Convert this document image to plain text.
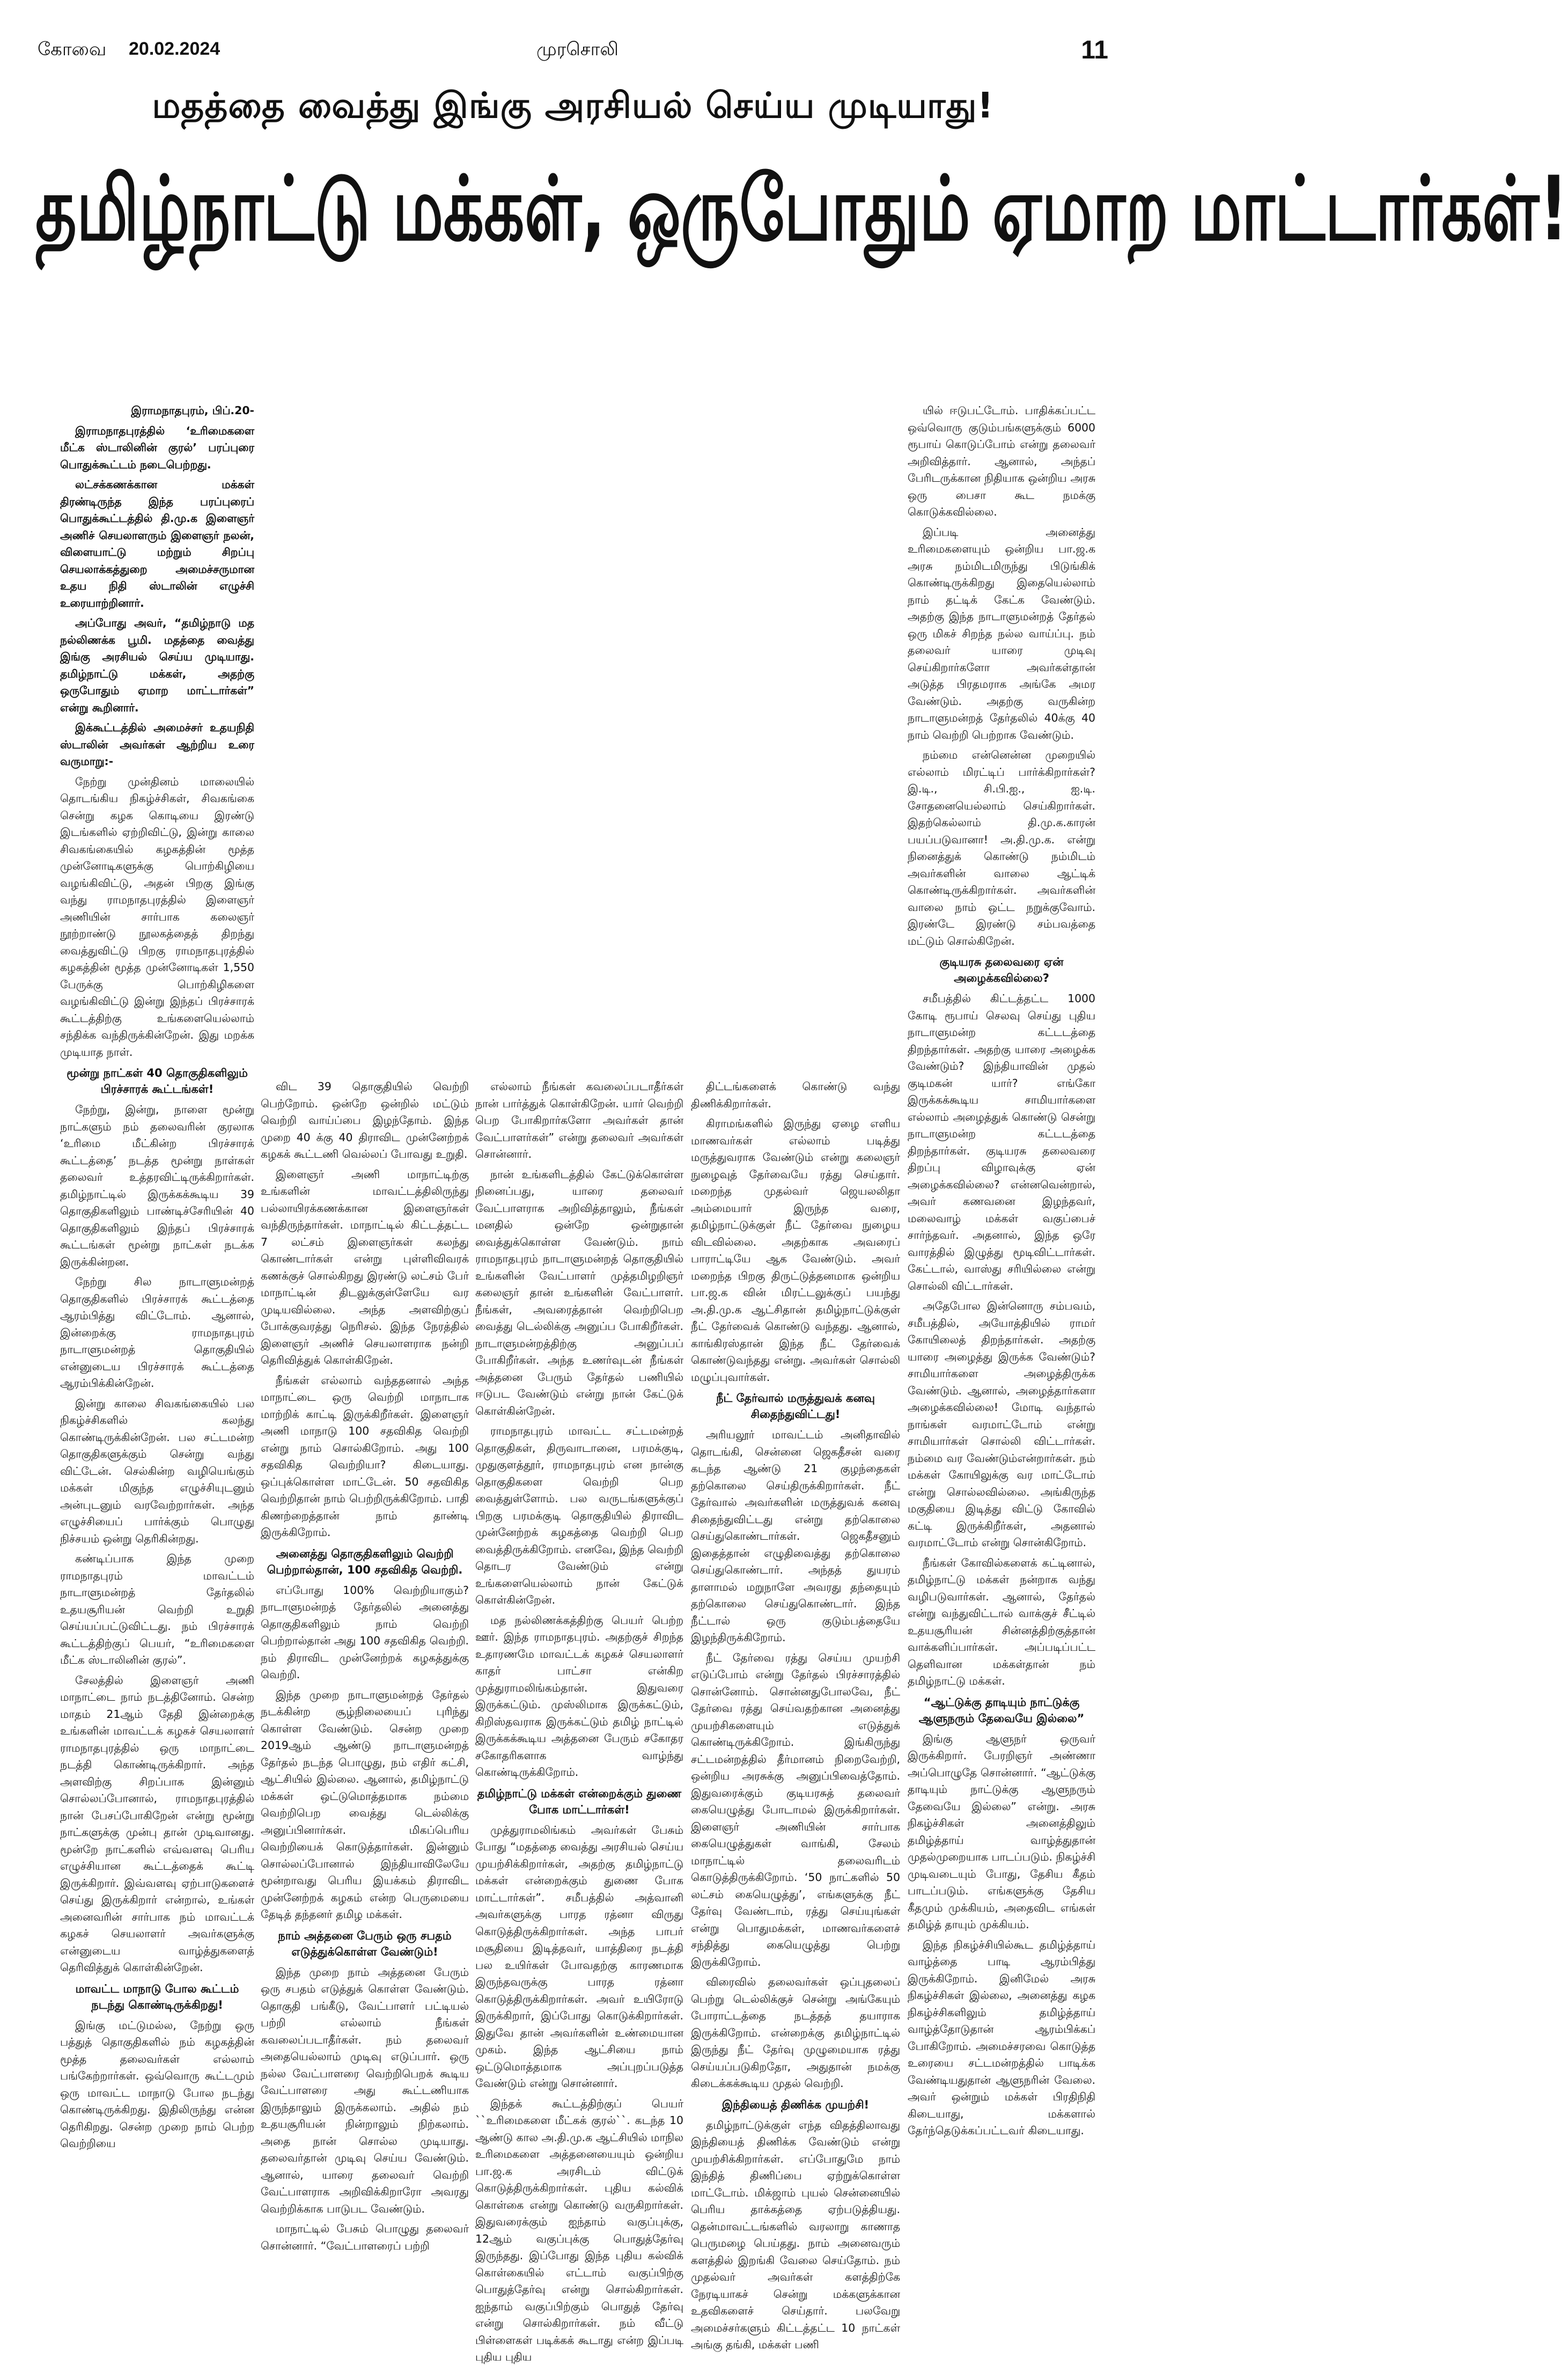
கோவை 20.02.2024	முரசொலி	11
மதத்தை வைத்து இங்கு அரசியல் செய்ய முடியாது!
தமிழ்நாட்டு மக்கள், ஒருபோதும் ஏமாற மாட்டார்கள்!
இராமநாதபுரம், பிப்.20-

இராமநாதபுரத்தில் ‘உரிமைகளை மீட்க ஸ்டாலினின் குரல்’ பரப்புரை பொதுக்கூட்டம் நடைபெற்றது.

லட்சக்கணக்கான மக்கள் திரண்டிருந்த இந்த பரப்புரைப் பொதுக்கூட்டத்தில் தி.மு.க இளைஞர் அணிச் செயலாளரும் இளைஞர் நலன், விளையாட்டு மற்றும் சிறப்பு செயலாக்கத்துறை அமைச்சருமான உதய நிதி ஸ்டாலின் எழுச்சி உரையாற்றினார்.

அப்போது அவர், “தமிழ்நாடு மத நல்லிணக்க பூமி. மதத்தை வைத்து இங்கு அரசியல் செய்ய முடியாது. தமிழ்நாட்டு மக்கள், அதற்கு ஒருபோதும் ஏமாற மாட்டார்கள்” என்று கூறினார்.

இக்கூட்டத்தில் அமைச்சர் உதயநிதி ஸ்டாலின் அவர்கள் ஆற்றிய உரை வருமாறு:-

நேற்று முன்தினம் மாலையில் தொடங்கிய நிகழ்ச்சிகள், சிவகங்கை சென்று கழக கொடியை இரண்டு இடங்களில் ஏற்றிவிட்டு, இன்று காலை சிவகங்கையில் கழகத்தின் மூத்த முன்னோடிகளுக்கு பொற்கிழியை வழங்கிவிட்டு, அதன் பிறகு இங்கு வந்து ராமநாதபுரத்தில் இளைஞர் அணியின் சார்பாக கலைஞர் நூற்றாண்டு நூலகத்தைத் திறந்து வைத்துவிட்டு பிறகு ராமநாதபுரத்தில் கழகத்தின் மூத்த முன்னோடிகள் 1,550 பேருக்கு பொற்கிழிகளை வழங்கிவிட்டு இன்று இந்தப் பிரச்சாரக் கூட்டத்திற்கு உங்களையெல்லாம் சந்திக்க வந்திருக்கின்றேன். இது மறக்க முடியாத நாள்.

மூன்று நாட்கள் 40 தொகுதிகளிலும் பிரச்சாரக் கூட்டங்கள்!

நேற்று, இன்று, நாளை மூன்று நாட்களும் நம் தலைவரின் குரலாக ‘உரிமை மீட்கின்ற பிரச்சாரக் கூட்டத்தை’ நடத்த மூன்று நாள்கள் தலைவர் உத்தரவிட்டிருக்கிறார்கள். தமிழ்நாட்டில் இருக்கக்கூடிய 39 தொகுதிகளிலும் பாண்டிச்சேரியின் 40 தொகுதிகளிலும் இந்தப் பிரச்சாரக் கூட்டங்கள் மூன்று நாட்கள் நடக்க இருக்கின்றன.

நேற்று சில நாடாளுமன்றத் தொகுதிகளில் பிரச்சாரக் கூட்டத்தை ஆரம்பித்து விட்டோம். ஆனால், இன்றைக்கு ராமநாதபுரம் நாடாளுமன்றத் தொகுதியில் என்னுடைய பிரச்சாரக் கூட்டத்தை ஆரம்பிக்கின்றேன்.

இன்று காலை சிவகங்கையில் பல நிகழ்ச்சிகளில் கலந்து கொண்டிருக்கின்றேன். பல சட்டமன்ற தொகுதிகளுக்கும் சென்று வந்து விட்டேன். செல்கின்ற வழியெங்கும் மக்கள் மிகுந்த எழுச்சியுடனும் அன்புடனும் வரவேற்றார்கள். அந்த எழுச்சியைப் பார்க்கும் பொழுது நிச்சயம் ஒன்று தெரிகின்றது.

கண்டிப்பாக இந்த முறை ராமநாதபுரம் மாவட்டம் நாடாளுமன்றத் தேர்தலில் உதயசூரியன் வெற்றி உறுதி செய்யப்பட்டுவிட்டது. நம் பிரச்சாரக் கூட்டத்திற்குப் பெயர், “உரிமைகளை மீட்க ஸ்டாலினின் குரல்”.

சேலத்தில் இளைஞர் அணி மாநாட்டை நாம் நடத்தினோம். சென்ற மாதம் 21ஆம் தேதி இன்றைக்கு உங்களின் மாவட்டக் கழகச் செயலாளர் ராமநாதபுரத்தில் ஒரு மாநாட்டை நடத்தி கொண்டிருக்கிறார். அந்த அளவிற்கு சிறப்பாக இன்னும் சொல்லப்போனால், ராமநாதபுரத்தில் நான் பேசப்போகிறேன் என்று மூன்று நாட்களுக்கு முன்பு தான் முடிவானது. மூன்றே நாட்களில் எவ்வளவு பெரிய எழுச்சியான கூட்டத்தைக் கூட்டி இருக்கிறார். இவ்வளவு ஏற்பாடுகளைச் செய்து இருக்கிறார் என்றால், உங்கள் அனைவரின் சார்பாக நம் மாவட்டக் கழகச் செயலாளர் அவர்களுக்கு என்னுடைய வாழ்த்துகளைத் தெரிவித்துக் கொள்கின்றேன்.

மாவட்ட மாநாடு போல கூட்டம் நடந்து கொண்டிருக்கிறது!

இங்கு மட்டுமல்ல, நேற்று ஒரு பத்துத் தொகுதிகளில் நம் கழகத்தின் மூத்த தலைவர்கள் எல்லாம் பங்கேற்றார்கள். ஒவ்வொரு கூட்டமும் ஒரு மாவட்ட மாநாடு போல நடந்து கொண்டிருக்கிறது. இதிலிருந்து என்ன தெரிகிறது. சென்ற முறை நாம் பெற்ற வெற்றியை

விட 39 தொகுதியில் வெற்றி பெற்றோம். ஒன்றே ஒன்றில் மட்டும் வெற்றி வாய்ப்பை இழந்தோம். இந்த முறை 40 க்கு 40 திராவிட முன்னேற்றக் கழகக் கூட்டணி வெல்லப் போவது உறுதி.

இளைஞர் அணி மாநாட்டிற்கு உங்களின் மாவட்டத்திலிருந்து பல்லாயிரக்கணக்கான இளைஞர்கள் வந்திருந்தார்கள். மாநாட்டில் கிட்டத்தட்ட 7 லட்சம் இளைஞர்கள் கலந்து கொண்டார்கள் என்று புள்ளிவிவரக் கணக்குச் சொல்கிறது இரண்டு லட்சம் பேர் மாநாட்டின் திடலுக்குள்ளேயே வர முடியவில்லை. அந்த அளவிற்குப் போக்குவரத்து நெரிசல். இந்த நேரத்தில் இளைஞர் அணிச் செயலாளராக நன்றி தெரிவித்துக் கொள்கிறேன்.

நீங்கள் எல்லாம் வந்ததனால் அந்த மாநாட்டை ஒரு வெற்றி மாநாடாக மாற்றிக் காட்டி இருக்கிறீர்கள். இளைஞர் அணி மாநாடு 100 சதவிகித வெற்றி என்று நாம் சொல்கிறோம். அது 100 சதவிகித வெற்றியா? கிடையாது. ஒப்புக்கொள்ள மாட்டேன். 50 சதவிகித வெற்றிதான் நாம் பெற்றிருக்கிறோம். பாதி கிணற்றைத்தான் நாம் தாண்டி இருக்கிறோம்.

அனைத்து தொகுதிகளிலும் வெற்றி பெற்றால்தான், 100 சதவிகித வெற்றி.

எப்போது 100% வெற்றியாகும்? நாடாளுமன்றத் தேர்தலில் அனைத்து தொகுதிகளிலும் நாம் வெற்றி பெற்றால்தான் அது 100 சதவிகித வெற்றி. நம் திராவிட முன்னேற்றக் கழகத்துக்கு வெற்றி.

இந்த முறை நாடாளுமன்றத் தேர்தல் நடக்கின்ற சூழ்நிலையைப் புரிந்து கொள்ள வேண்டும். சென்ற முறை 2019ஆம் ஆண்டு நாடாளுமன்றத் தேர்தல் நடந்த பொழுது, நம் எதிர் கட்சி, ஆட்சியில் இல்லை. ஆனால், தமிழ்நாட்டு மக்கள் ஒட்டுமொத்தமாக நம்மை வெற்றிபெற வைத்து டெல்லிக்கு அனுப்பினார்கள். மிகப்பெரிய வெற்றியைக் கொடுத்தார்கள். இன்னும் சொல்லப்போனால் இந்தியாவிலேயே மூன்றாவது பெரிய இயக்கம் திராவிட முன்னேற்றக் கழகம் என்ற பெருமையை தேடித் தந்தனர் தமிழ மக்கள்.

நாம் அத்தனை பேரும் ஒரு சபதம் எடுத்துக்கொள்ள வேண்டும்!

இந்த முறை நாம் அத்தனை பேரும் ஒரு சபதம் எடுத்துக் கொள்ள வேண்டும். தொகுதி பங்கீடு, வேட்பாளர் பட்டியல் பற்றி எல்லாம் நீங்கள் கவலைப்படாதீர்கள். நம் தலைவர் அதையெல்லாம் முடிவு எடுப்பார். ஒரு நல்ல வேட்பாளரை வெற்றிபெறக் கூடிய வேட்பாளரை அது கூட்டணியாக இருந்தாலும் இருக்கலாம். அதில் நம் உதயசூரியன் நின்றாலும் நிற்கலாம். அதை நான் சொல்ல முடியாது. தலைவர்தான் முடிவு செய்ய வேண்டும். ஆனால், யாரை தலைவர் வெற்றி வேட்பாளராக அறிவிக்கிறாரோ அவரது வெற்றிக்காக பாடுபட வேண்டும்.

மாநாட்டில் பேசும் பொழுது தலைவர் சொன்னார். “வேட்பாளரைப் பற்றி

எல்லாம் நீங்கள் கவலைப்படாதீர்கள் நான் பார்த்துக் கொள்கிறேன். யார் வெற்றி பெற போகிறார்களோ அவர்கள் தான் வேட்பாளர்கள்” என்று தலைவர் அவர்கள் சொன்னார்.

நான் உங்களிடத்தில் கேட்டுக்கொள்ள நினைப்பது, யாரை தலைவர் வேட்பாளராக அறிவித்தாலும், நீங்கள் மனதில் ஒன்றே ஒன்றுதான் வைத்துக்கொள்ள வேண்டும். நாம் ராமநாதபுரம் நாடாளுமன்றத் தொகுதியில் உங்களின் வேட்பாளர் முத்தமிழறிஞர் கலைஞர் தான் உங்களின் வேட்பாளர். நீங்கள், அவரைத்தான் வெற்றிபெற வைத்து டெல்லிக்கு அனுப்ப போகிறீர்கள். நாடாளுமன்றத்திற்கு அனுப்பப் போகிறீர்கள். அந்த உணர்வுடன் நீங்கள் அத்தனை பேரும் தேர்தல் பணியில் ஈடுபட வேண்டும் என்று நான் கேட்டுக் கொள்கின்றேன்.

ராமநாதபுரம் மாவட்ட சட்டமன்றத் தொகுதிகள், திருவாடானை, பரமக்குடி, முதுகுளத்தூர், ராமநாதபுரம் என நான்கு தொகுதிகளை வெற்றி பெற வைத்துள்ளோம். பல வருடங்களுக்குப் பிறகு பரமக்குடி தொகுதியில் திராவிட முன்னேற்றக் கழகத்தை வெற்றி பெற வைத்திருக்கிறோம். எனவே, இந்த வெற்றி தொடர வேண்டும் என்று உங்களையெல்லாம் நான் கேட்டுக் கொள்கின்றேன்.

மத நல்லிணக்கத்திற்கு பெயர் பெற்ற ஊர். இந்த ராமநாதபுரம். அதற்குச் சிறந்த உதாரணமே மாவட்டக் கழகச் செயலாளர் காதர் பாட்சா என்கிற முத்துராமலிங்கம்தான். இதுவரை இருக்கட்டும். முஸ்லிமாக இருக்கட்டும், கிறிஸ்தவராக இருக்கட்டும் தமிழ் நாட்டில் இருக்கக்கூடிய அத்தனை பேரும் சகோதர சகோதரிகளாக வாழ்ந்து கொண்டிருக்கிறோம்.

தமிழ்நாட்டு மக்கள் என்றைக்கும் துணை போக மாட்டார்கள்!

முத்துராமலிங்கம் அவர்கள் பேசும் போது “மதத்தை வைத்து அரசியல் செய்ய முயற்சிக்கிறார்கள், அதற்கு தமிழ்நாட்டு மக்கள் என்றைக்கும் துணை போக மாட்டார்கள்”. சமீபத்தில் அத்வானி அவர்களுக்கு பாரத ரத்னா விருது கொடுத்திருக்கிறார்கள். அந்த பாபர் மசூதியை இடித்தவர், யாத்திரை நடத்தி பல உயிர்கள் போவதற்கு காரணமாக இருந்தவருக்கு பாரத ரத்னா கொடுத்திருக்கிறார்கள். அவர் உயிரோடு இருக்கிறார், இப்போது கொடுக்கிறார்கள். இதுவே தான் அவர்களின் உண்மையான முகம். இந்த ஆட்சியை நாம் ஒட்டுமொத்தமாக அப்புறப்படுத்த வேண்டும் என்று சொன்னார்.

இந்தக் கூட்டத்திற்குப் பெயர் ``உரிமைகளை மீட்கக் குரல்``. கடந்த 10 ஆண்டு கால அ.தி.மு.க ஆட்சியில் மாநில உரிமைகளை அத்தனையையும் ஒன்றிய பா.ஜ.க அரசிடம் விட்டுக் கொடுத்திருக்கிறார்கள். புதிய கல்விக் கொள்கை என்று கொண்டு வருகிறார்கள். இதுவரைக்கும் ஐந்தாம் வகுப்புக்கு, 12ஆம் வகுப்புக்கு பொதுத்தேர்வு இருந்தது. இப்போது இந்த புதிய கல்விக் கொள்கையில் எட்டாம் வகுப்பிற்கு பொதுத்தேர்வு என்று சொல்கிறார்கள். ஐந்தாம் வகுப்பிற்கும் பொதுத் தேர்வு என்று சொல்கிறார்கள். நம் வீட்டு பிள்ளைகள் படிக்கக் கூடாது என்ற இப்படி புதிய புதிய

திட்டங்களைக் கொண்டு வந்து திணிக்கிறார்கள்.

கிராமங்களில் இருந்து ஏழை எளிய மாணவர்கள் எல்லாம் படித்து மருத்துவராக வேண்டும் என்று கலைஞர் நுழைவுத் தேர்வையே ரத்து செய்தார். மறைந்த முதல்வர் ஜெயலலிதா அம்மையார் இருந்த வரை, தமிழ்நாட்டுக்குள் நீட் தேர்வை நுழைய விடவில்லை. அதற்காக அவரைப் பாராட்டியே ஆக வேண்டும். அவர் மறைந்த பிறகு திருட்டுத்தனமாக ஒன்றிய பா.ஜ.க வின் மிரட்டலுக்குப் பயந்து அ.தி.மு.க ஆட்சிதான் தமிழ்நாட்டுக்குள் நீட் தேர்வைக் கொண்டு வந்தது. ஆனால், காங்கிரஸ்தான் இந்த நீட் தேர்வைக் கொண்டுவந்தது என்று. அவர்கள் சொல்லி மழுப்புவார்கள்.

நீட் தேர்வால் மருத்துவக் கனவு சிதைந்துவிட்டது!

அரியலூர் மாவட்டம் அனிதாவில் தொடங்கி, சென்னை ஜெகதீசன் வரை கடந்த ஆண்டு 21 குழந்தைகள் தற்கொலை செய்திருக்கிறார்கள். நீட் தேர்வால் அவர்களின் மருத்துவக் கனவு சிதைந்துவிட்டது என்று தற்கொலை செய்துகொண்டார்கள். ஜெகதீசனும் இதைத்தான் எழுதிவைத்து தற்கொலை செய்துகொண்டார். அந்தத் துயரம் தாளாமல் மறுநாளே அவரது தந்தையும் தற்கொலை செய்துகொண்டார். இந்த நீட்டால் ஒரு குடும்பத்தையே இழந்திருக்கிறோம்.

நீட் தேர்வை ரத்து செய்ய முயற்சி எடுப்போம் என்று தேர்தல் பிரச்சாரத்தில் சொன்னோம். சொன்னதுபோலவே, நீட் தேர்வை ரத்து செய்வதற்கான அனைத்து முயற்சிகளையும் எடுத்துக் கொண்டிருக்கிறோம். இங்கிருந்து சட்டமன்றத்தில் தீர்மானம் நிறைவேற்றி, ஒன்றிய அரசுக்கு அனுப்பிவைத்தோம். இதுவரைக்கும் குடியரசுத் தலைவர் கையெழுத்து போடாமல் இருக்கிறார்கள். இளைஞர் அணியின் சார்பாக கையெழுத்துகள் வாங்கி, சேலம் மாநாட்டில் தலைவரிடம் கொடுத்திருக்கிறோம். ‘50 நாட்களில் 50 லட்சம் கையெழுத்து’, எங்களுக்கு நீட் தேர்வு வேண்டாம், ரத்து செய்யுங்கள் என்று பொதுமக்கள், மாணவர்களைச் சந்தித்து கையெழுத்து பெற்று இருக்கிறோம்.

விரைவில் தலைவர்கள் ஒப்புதலைப் பெற்று டெல்லிக்குச் சென்று அங்கேயும் போராட்டத்தை நடத்தத் தயாராக இருக்கிறோம். என்றைக்கு தமிழ்நாட்டில் இருந்து நீட் தேர்வு முழுமையாக ரத்து செய்யப்படுகிறதோ, அதுதான் நமக்கு கிடைக்கக்கூடிய முதல் வெற்றி.

இந்தியைத் திணிக்க முயற்சி!

தமிழ்நாட்டுக்குள் எந்த விதத்திலாவது இந்தியைத் திணிக்க வேண்டும் என்று முயற்சிக்கிறார்கள். எப்போதுமே நாம் இந்தித் திணிப்பை ஏற்றுக்கொள்ள மாட்டோம். மிக்ஜாம் புயல் சென்னையில் பெரிய தாக்கத்தை ஏற்படுத்தியது. தென்மாவட்டங்களில் வரலாறு காணாத பெருமழை பெய்தது. நாம் அனைவரும் களத்தில் இறங்கி வேலை செய்தோம். நம் முதல்வர் அவர்கள் களத்திற்கே நேரடியாகச் சென்று மக்களுக்கான உதவிகளைச் செய்தார். பலவேறு அமைச்சர்களும் கிட்டத்தட்ட 10 நாட்கள் அங்கு தங்கி, மக்கள் பணி

யில் ஈடுபட்டோம். பாதிக்கப்பட்ட ஒவ்வொரு குடும்பங்களுக்கும் 6000 ரூபாய் கொடுப்போம் என்று தலைவர் அறிவித்தார். ஆனால், அந்தப் பேரிடருக்கான நிதியாக ஒன்றிய அரசு ஒரு பைசா கூட நமக்கு கொடுக்கவில்லை.

இப்படி அனைத்து உரிமைகளையும் ஒன்றிய பா.ஜ.க அரசு நம்மிடமிருந்து பிடுங்கிக் கொண்டிருக்கிறது இதையெல்லாம் நாம் தட்டிக் கேட்க வேண்டும். அதற்கு இந்த நாடாளுமன்றத் தேர்தல் ஒரு மிகச் சிறந்த நல்ல வாய்ப்பு. நம் தலைவர் யாரை முடிவு செய்கிறார்களோ அவர்கள்தான் அடுத்த பிரதமராக அங்கே அமர வேண்டும். அதற்கு வருகின்ற நாடாளுமன்றத் தேர்தலில் 40க்கு 40 நாம் வெற்றி பெற்றாக வேண்டும்.

நம்மை என்னென்ன முறையில் எல்லாம் மிரட்டிப் பார்க்கிறார்கள்? இ.டி., சி.பி.ஐ., ஐ.டி. சோதனையெல்லாம் செய்கிறார்கள். இதற்கெல்லாம் தி.மு.க.காரன் பயப்படுவானா! அ.தி.மு.க. என்று நினைத்துக் கொண்டு நம்மிடம் அவர்களின் வாலை ஆட்டிக் கொண்டிருக்கிறார்கள். அவர்களின் வாலை நாம் ஒட்ட நறுக்குவோம். இரண்டே இரண்டு சம்பவத்தை மட்டும் சொல்கிறேன்.

குடியரசு தலைவரை ஏன் அழைக்கவில்லை?

சமீபத்தில் கிட்டத்தட்ட 1000 கோடி ரூபாய் செலவு செய்து புதிய நாடாளுமன்ற கட்டடத்தை திறந்தார்கள். அதற்கு யாரை அழைக்க வேண்டும்? இந்தியாவின் முதல் குடிமகன் யார்? எங்கோ இருக்கக்கூடிய சாமியார்களை எல்லாம் அழைத்துக் கொண்டு சென்று நாடாளுமன்ற கட்டடத்தை திறந்தார்கள். குடியரசு தலைவரை திறப்பு விழாவுக்கு ஏன் அழைக்கவில்லை? என்னவென்றால், அவர் கணவனை இழந்தவர், மலைவாழ் மக்கள் வகுப்பைச் சார்ந்தவர். அதனால், இந்த ஒரே வாரத்தில் இழுத்து மூடிவிட்டார்கள். கேட்டால், வாஸ்து சரியில்லை என்று சொல்லி விட்டார்கள்.

அதேபோல இன்னொரு சம்பவம், சமீபத்தில், அயோத்தியில் ராமர் கோயிலைத் திறந்தார்கள். அதற்கு யாரை அழைத்து இருக்க வேண்டும்? சாமியார்களை அழைத்திருக்க வேண்டும். ஆனால், அழைத்தார்களா அழைக்கவில்லை! மோடி வந்தால் நாங்கள் வரமாட்டோம் என்று சாமியார்கள் சொல்லி விட்டார்கள். நம்மை வர வேண்டும்என்றார்கள். நம் மக்கள் கோயிலுக்கு வர மாட்டோம் என்று சொல்லவில்லை. அங்கிருந்த மகுதியை இடித்து விட்டு கோவில் கட்டி இருக்கிறீர்கள், அதனால் வரமாட்டோம் என்று சொன்கிறோம்.

நீங்கள் கோவில்களைக் கட்டினால், தமிழ்நாட்டு மக்கள் நன்றாக வந்து வழிபடுவார்கள். ஆனால், தேர்தல் என்று வந்துவிட்டால் வாக்குச் சீட்டில் உதயசூரியன் சின்னத்திற்குத்தான் வாக்களிப்பார்கள். அப்படிப்பட்ட தெளிவான மக்கள்தான் நம் தமிழ்நாட்டு மக்கள்.

“ஆட்டுக்கு தாடியும் நாட்டுக்கு ஆளுநரும் தேவையே இல்லை”

இங்கு ஆளுநர் ஒருவர் இருக்கிறார். பேரறிஞர் அண்ணா அப்பொழுதே சொன்னார். “ஆட்டுக்கு தாடியும் நாட்டுக்கு ஆளுநரும் தேவையே இல்லை” என்று. அரசு நிகழ்ச்சிகள் அனைத்திலும் தமிழ்த்தாய் வாழ்த்துதான் முதல்முறையாக பாடப்படும். நிகழ்ச்சி முடிவடையும் போது, தேசிய கீதம் பாடப்படும். எங்களுக்கு தேசிய கீதமும் முக்கியம், அதைவிட எங்கள் தமிழ்த் தாயும் முக்கியம்.

இந்த நிகழ்ச்சியில்கூட தமிழ்த்தாய் வாழ்த்தை பாடி ஆரம்பித்து இருக்கிறோம். இனிமேல் அரசு நிகழ்ச்சிகள் இல்லை, அனைத்து கழக நிகழ்ச்சிகளிலும் தமிழ்த்தாய் வாழ்த்தோடுதான் ஆரம்பிக்கப் போகிறோம். அமைச்சரவை கொடுத்த உரையை சட்டமன்றத்தில் பாடிக்க வேண்டியதுதான் ஆளுநரின் வேலை. அவர் ஒன்றும் மக்கள் பிரதிநிதி கிடையாது, மக்களால் தேர்ந்தெடுக்கப்பட்டவர் கிடையாது.
